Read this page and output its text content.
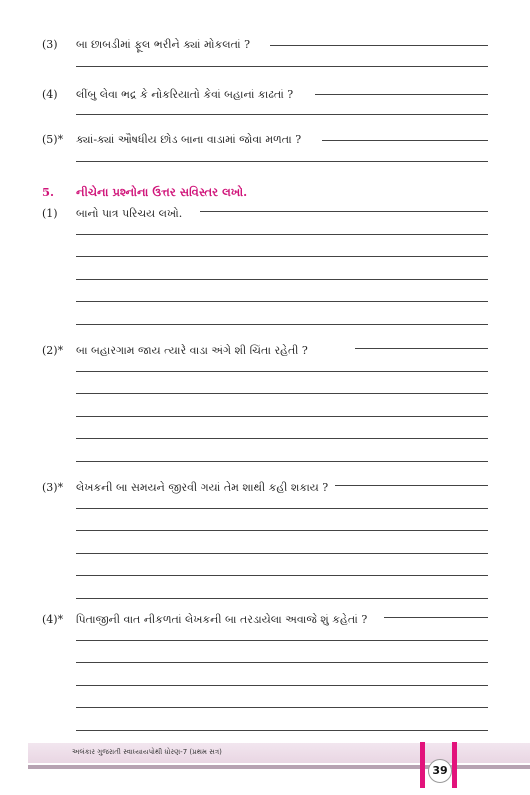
(3) બા છાબડીમાં ફૂલ ભરીને ક્યાં મોકલતાં ?
(4) લીંબુ લેવા ભદ્ર કે નોકરિયાતો કેવાં બહાનાં કાઢતાં ?
(5)* ક્યાં-ક્યાં ઔષધીય છોડ બાના વાડામાં જોવા મળતા ?
5. નીચેના પ્રશ્નોના ઉત્તર સવિસ્તર લખો.
(1) બાનો પાત્ર પરિચય લખો.
(2)* બા બહારગામ જાય ત્યારે વાડા અંગે શી ચિંતા રહેતી ?
(3)* લેખકની બા સમયને જીરવી ગયાં તેમ શાથી કહી શકાય ?
(4)* પિતાજીની વાત નીકળતાં લેખકની બા તરડાયેલા અવાજે શું કહેતાં ?
અલંકાર ગુજરાતી સ્વાધ્યાયપોથી ધોરણ-7 (પ્રથમ સત્ર)
39
